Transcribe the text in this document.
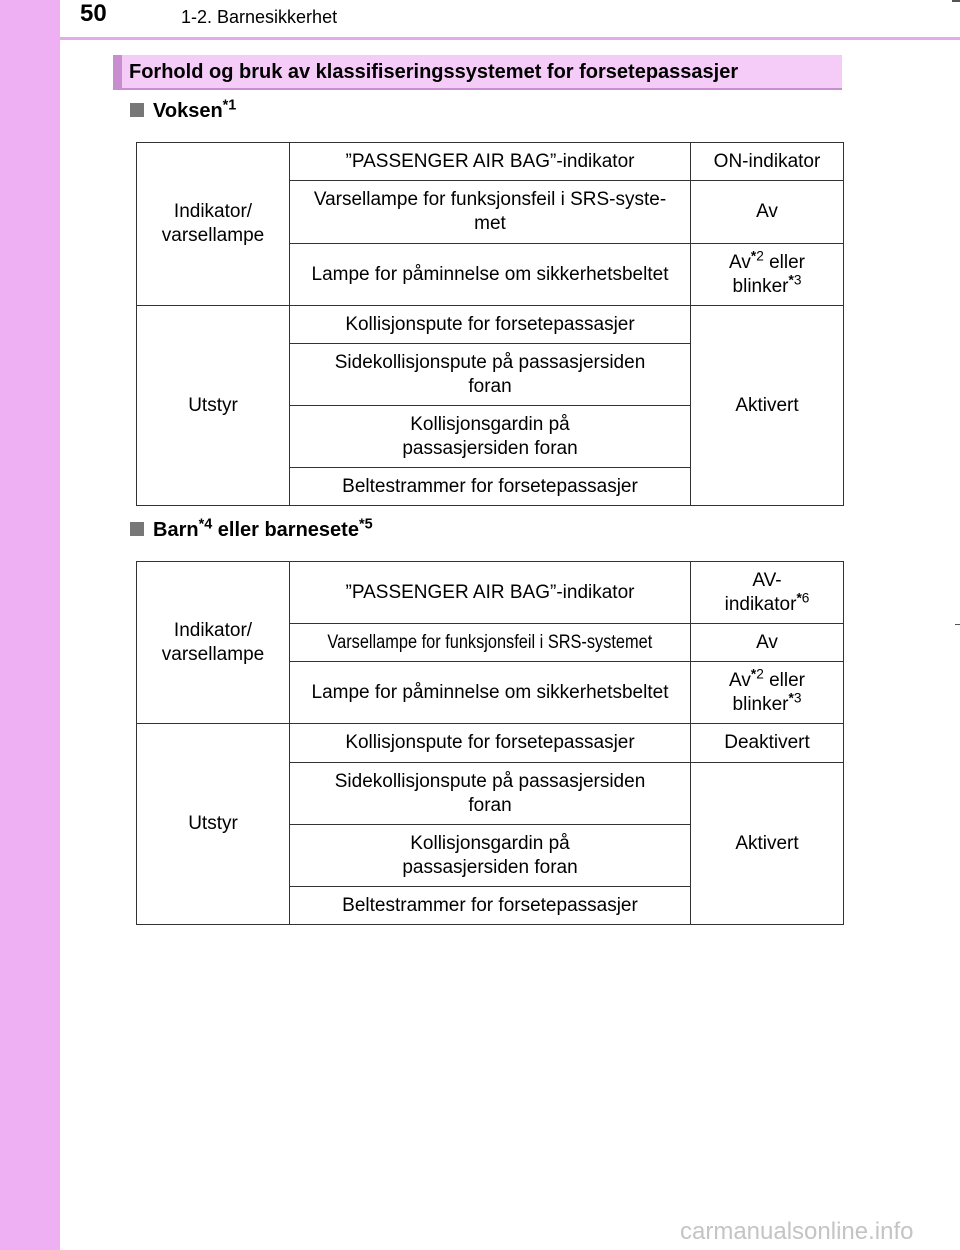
50	1-2. Barnesikkerhet
Forhold og bruk av klassifiseringssystemet for forsetepassasjer
Voksen$^{*1}$
Indikator/
varsellampe	”PASSENGER AIR BAG”-indikator	ON-indikator
	Varsellampe for funksjonsfeil i SRS-syste-
met	Av
	Lampe for påminnelse om sikkerhetsbeltet	Av$^{*2}$ eller
blinker$^{*3}$
Utstyr	Kollisjonspute for forsetepassasjer	Aktivert
	Sidekollisjonspute på passasjersiden
foran	
	Kollisjonsgardin på
passasjersiden foran	
	Beltestrammer for forsetepassasjer	
Barn$^{*4}$ eller barnesete$^{*5}$
Indikator/
varsellampe	”PASSENGER AIR BAG”-indikator	AV-
indikator$^{*6}$
	Varsellampe for funksjonsfeil i SRS-systemet	Av
	Lampe for påminnelse om sikkerhetsbeltet	Av$^{*2}$ eller
blinker$^{*3}$
Utstyr	Kollisjonspute for forsetepassasjer	Deaktivert
	Sidekollisjonspute på passasjersiden
foran	Aktivert
	Kollisjonsgardin på
passasjersiden foran	
	Beltestrammer for forsetepassasjer	
carmanualsonline.info
